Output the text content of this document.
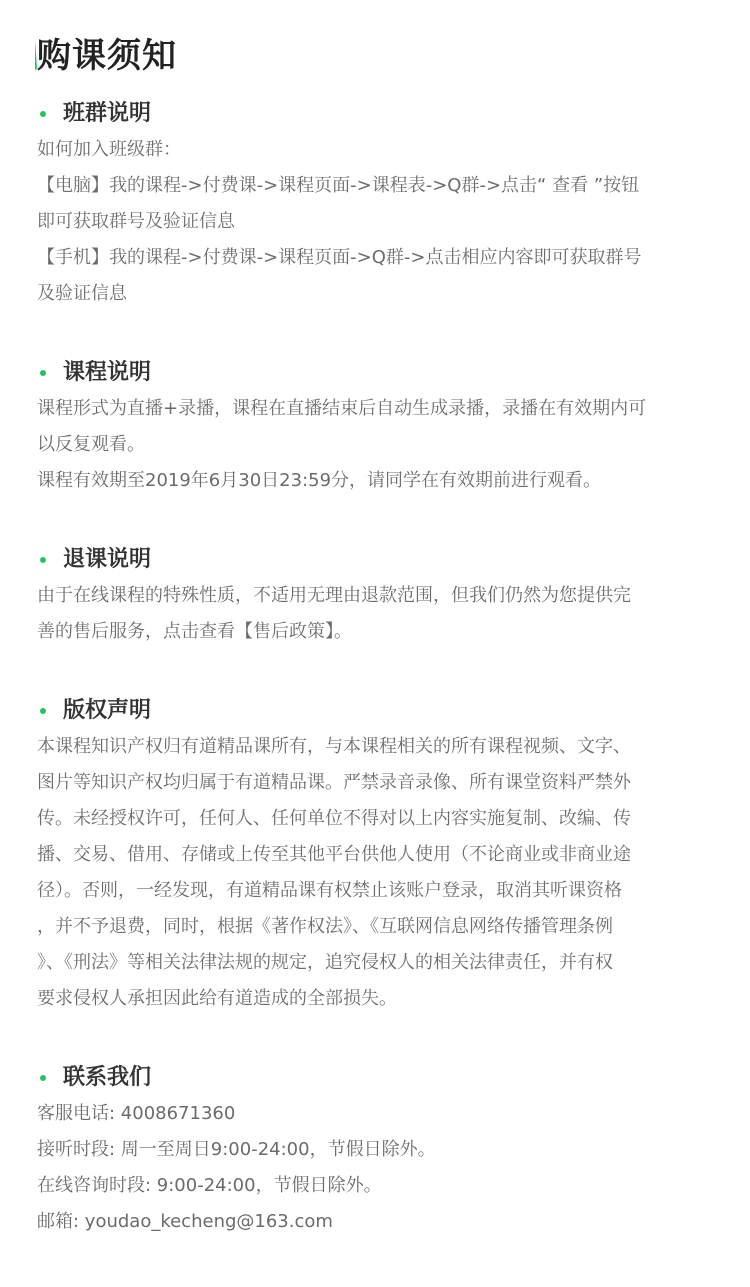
购课须知
班群说明
如何加入班级群：
【电脑】我的课程->付费课->课程页面->课程表->Q群->点击“ 查看 ”按钮
即可获取群号及验证信息
【手机】我的课程->付费课->课程页面->Q群->点击相应内容即可获取群号
及验证信息
课程说明
课程形式为直播+录播，课程在直播结束后自动生成录播，录播在有效期内可
以反复观看。
课程有效期至2019年6月30日23:59分，请同学在有效期前进行观看。
退课说明
由于在线课程的特殊性质，不适用无理由退款范围，但我们仍然为您提供完
善的售后服务，点击查看【售后政策】。
版权声明
本课程知识产权归有道精品课所有，与本课程相关的所有课程视频、文字、
图片等知识产权均归属于有道精品课。严禁录音录像、所有课堂资料严禁外
传。未经授权许可，任何人、任何单位不得对以上内容实施复制、改编、传
播、交易、借用、存储或上传至其他平台供他人使用（不论商业或非商业途
径）。否则，一经发现，有道精品课有权禁止该账户登录，取消其听课资格
，并不予退费，同时，根据《著作权法》、《互联网信息网络传播管理条例
》、《刑法》等相关法律法规的规定，追究侵权人的相关法律责任，并有权
要求侵权人承担因此给有道造成的全部损失。
联系我们
客服电话: 4008671360
接听时段: 周一至周日9:00-24:00，节假日除外。
在线咨询时段: 9:00-24:00，节假日除外。
邮箱: youdao_kecheng@163.com
